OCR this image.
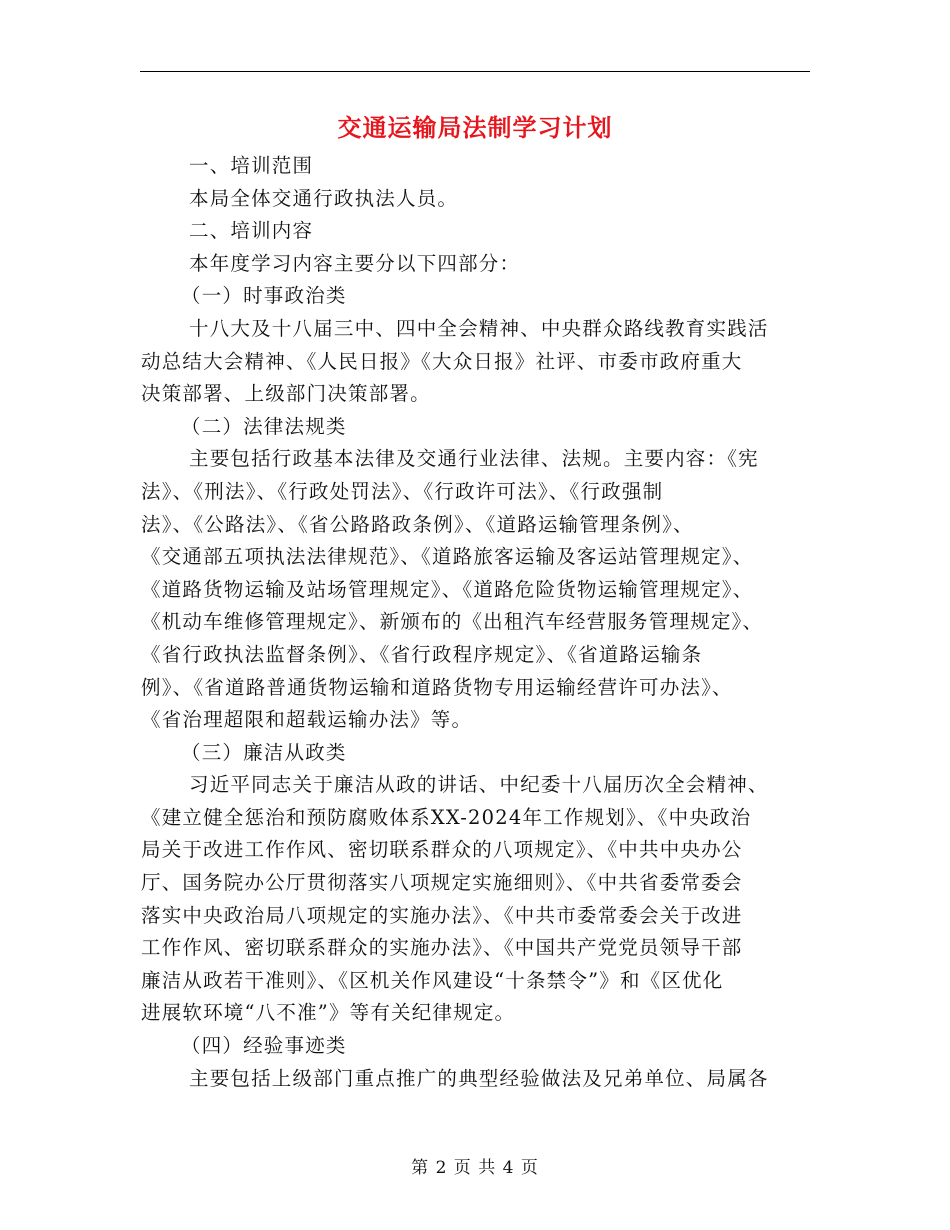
交通运输局法制学习计划
一、培训范围
本局全体交通行政执法人员。
二、培训内容
本年度学习内容主要分以下四部分：
（一）时事政治类
十八大及十八届三中、四中全会精神、中央群众路线教育实践活
动总结大会精神、《人民日报》《大众日报》社评、市委市政府重大
决策部署、上级部门决策部署。
（二）法律法规类
主要包括行政基本法律及交通行业法律、法规。主要内容：《宪
法》、《刑法》、《行政处罚法》、《行政许可法》、《行政强制
法》、《公路法》、《省公路路政条例》、《道路运输管理条例》、
《交通部五项执法法律规范》、《道路旅客运输及客运站管理规定》、
《道路货物运输及站场管理规定》、《道路危险货物运输管理规定》、
《机动车维修管理规定》、新颁布的《出租汽车经营服务管理规定》、
《省行政执法监督条例》、《省行政程序规定》、《省道路运输条
例》、《省道路普通货物运输和道路货物专用运输经营许可办法》、
《省治理超限和超载运输办法》等。
（三）廉洁从政类
习近平同志关于廉洁从政的讲话、中纪委十八届历次全会精神、
《建立健全惩治和预防腐败体系XX-2024年工作规划》、《中央政治
局关于改进工作作风、密切联系群众的八项规定》、《中共中央办公
厅、国务院办公厅贯彻落实八项规定实施细则》、《中共省委常委会
落实中央政治局八项规定的实施办法》、《中共市委常委会关于改进
工作作风、密切联系群众的实施办法》、《中国共产党党员领导干部
廉洁从政若干准则》、《区机关作风建设“十条禁令”》和《区优化
进展软环境“八不准”》等有关纪律规定。
（四）经验事迹类
主要包括上级部门重点推广的典型经验做法及兄弟单位、局属各
第 2 页 共 4 页
